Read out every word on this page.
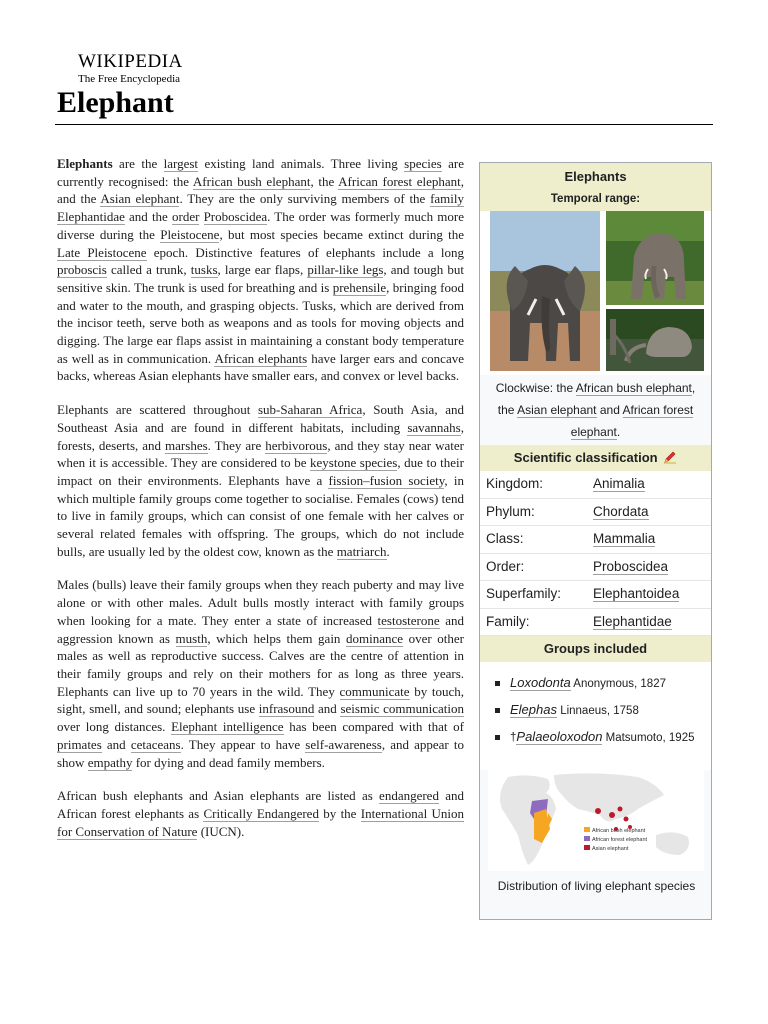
WIKIPEDIA
The Free Encyclopedia
Elephant

Elephants are the largest existing land animals. Three living species are currently recognised: the African bush elephant, the African forest elephant, and the Asian elephant. They are the only surviving members of the family Elephantidae and the order Proboscidea. The order was formerly much more diverse during the Pleistocene, but most species became extinct during the Late Pleistocene epoch. Distinctive features of elephants include a long proboscis called a trunk, tusks, large ear flaps, pillar-like legs, and tough but sensitive skin. The trunk is used for breathing and is prehensile, bringing food and water to the mouth, and grasping objects. Tusks, which are derived from the incisor teeth, serve both as weapons and as tools for moving objects and digging. The large ear flaps assist in maintaining a constant body temperature as well as in communication. African elephants have larger ears and concave backs, whereas Asian elephants have smaller ears, and convex or level backs.

Elephants are scattered throughout sub-Saharan Africa, South Asia, and Southeast Asia and are found in different habitats, including savannahs, forests, deserts, and marshes. They are herbivorous, and they stay near water when it is accessible. They are considered to be keystone species, due to their impact on their environments. Elephants have a fission–fusion society, in which multiple family groups come together to socialise. Females (cows) tend to live in family groups, which can consist of one female with her calves or several related females with offspring. The groups, which do not include bulls, are usually led by the oldest cow, known as the matriarch.

Males (bulls) leave their family groups when they reach puberty and may live alone or with other males. Adult bulls mostly interact with family groups when looking for a mate. They enter a state of increased testosterone and aggression known as musth, which helps them gain dominance over other males as well as reproductive success. Calves are the centre of attention in their family groups and rely on their mothers for as long as three years. Elephants can live up to 70 years in the wild. They communicate by touch, sight, smell, and sound; elephants use infrasound and seismic communication over long distances. Elephant intelligence has been compared with that of primates and cetaceans. They appear to have self-awareness, and appear to show empathy for dying and dead family members.

African bush elephants and Asian elephants are listed as endangered and African forest elephants as Critically Endangered by the International Union for Conservation of Nature (IUCN).

Elephants
Temporal range:
Clockwise: the African bush elephant, the Asian elephant and African forest elephant.
Scientific classification
Kingdom:	Animalia
Phylum:	Chordata
Class:	Mammalia
Order:	Proboscidea
Superfamily:	Elephantoidea
Family:	Elephantidae
Groups included
Loxodonta Anonymous, 1827
Elephas Linnaeus, 1758
†Palaeoloxodon Matsumoto, 1925
African bush elephant
African forest elephant
Asian elephant
Distribution of living elephant species
